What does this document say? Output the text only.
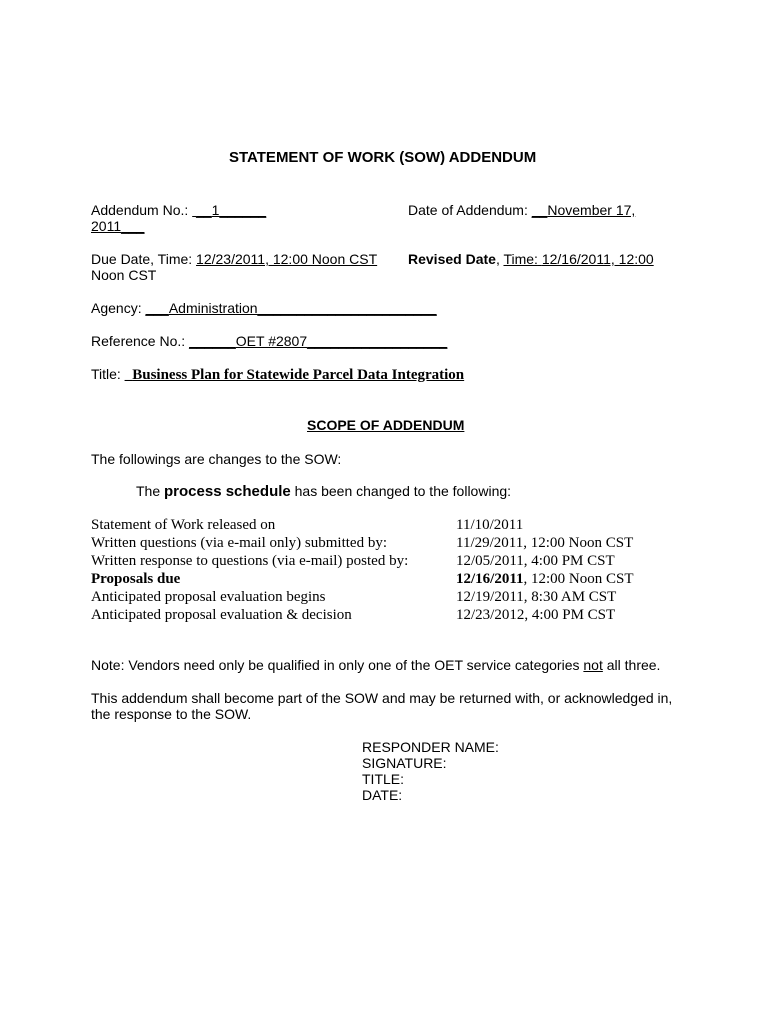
STATEMENT OF WORK (SOW) ADDENDUM
Addendum No.: __1______	Date of Addendum: __November 17,
2011___
Due Date, Time: 12/23/2011, 12:00 Noon CST
Noon CST
Revised Date, Time: 12/16/2011, 12:00
Agency: ___Administration_______________________
Reference No.: ______OET #2807__________________
Title: _Business Plan for Statewide Parcel Data Integration
SCOPE OF ADDENDUM
The followings are changes to the SOW:
The process schedule has been changed to the following:
Statement of Work released on
Written questions (via e-mail only) submitted by:
Written response to questions (via e-mail) posted by:
Proposals due
Anticipated proposal evaluation begins
Anticipated proposal evaluation & decision
11/10/2011
11/29/2011, 12:00 Noon CST
12/05/2011, 4:00 PM CST
12/16/2011, 12:00 Noon CST
12/19/2011, 8:30 AM CST
12/23/2012, 4:00 PM CST
Note: Vendors need only be qualified in only one of the OET service categories not all three.
This addendum shall become part of the SOW and may be returned with, or acknowledged in,
the response to the SOW.
RESPONDER NAME:
SIGNATURE:
TITLE:
DATE:
